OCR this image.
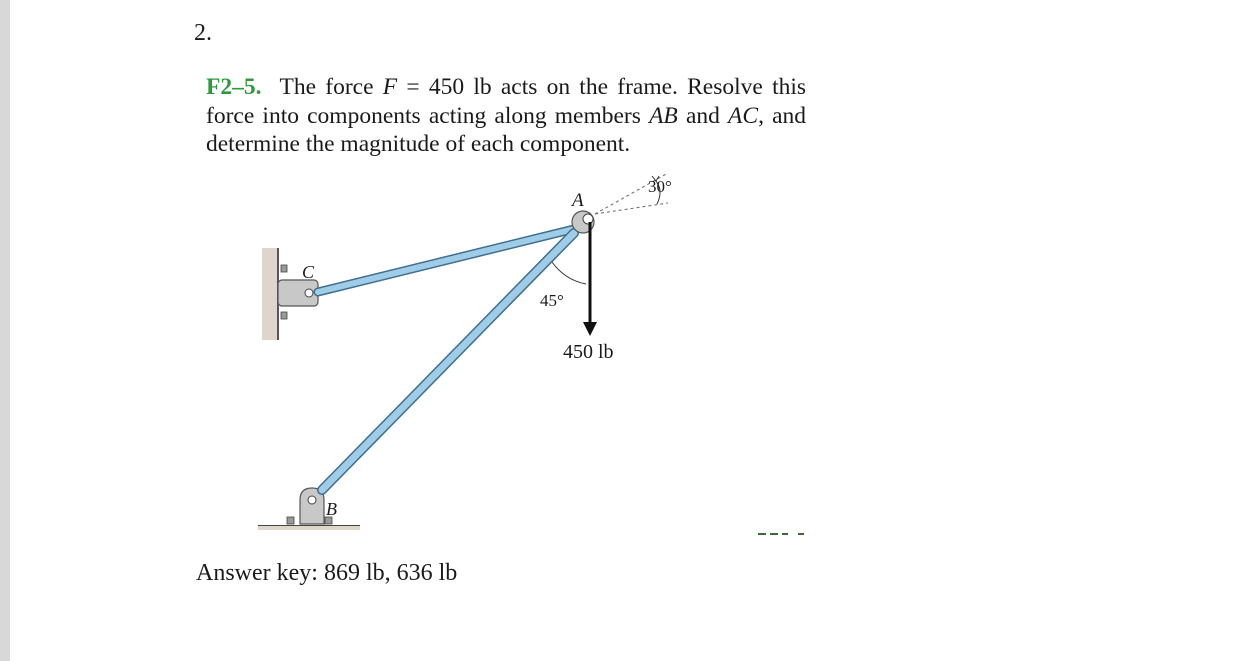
2.
F2–5. The force F = 450 lb acts on the frame. Resolve this force into components acting along members AB and AC, and determine the magnitude of each component.
A
C
B
30°
45°
450 lb
Answer key: 869 lb, 636 lb
